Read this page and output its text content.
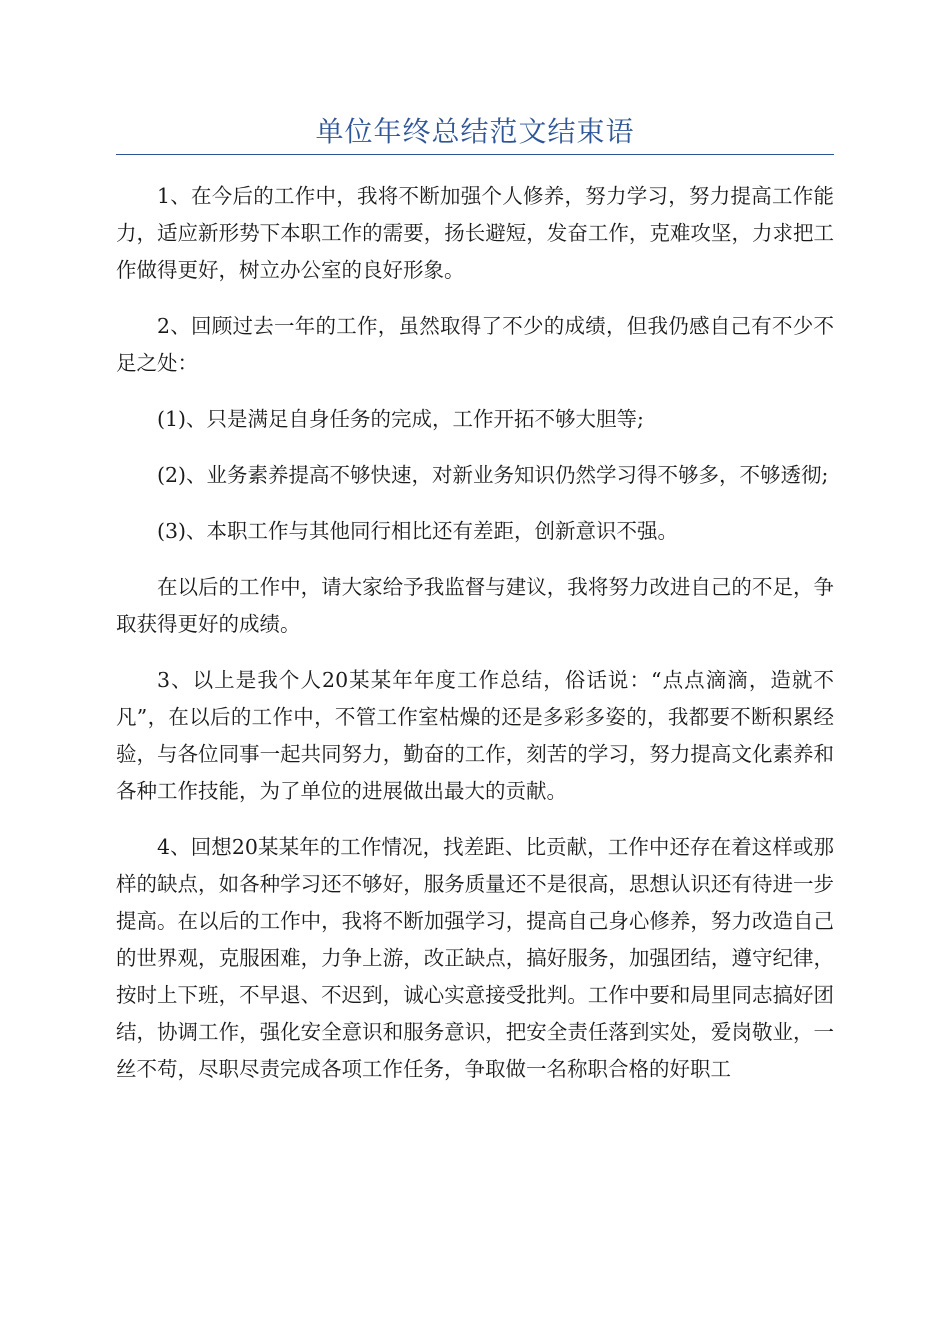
单位年终总结范文结束语

1、在今后的工作中，我将不断加强个人修养，努力学习，努力提高工作能力，适应新形势下本职工作的需要，扬长避短，发奋工作，克难攻坚，力求把工作做得更好，树立办公室的良好形象。

2、回顾过去一年的工作，虽然取得了不少的成绩，但我仍感自己有不少不足之处：

(1)、只是满足自身任务的完成，工作开拓不够大胆等;

(2)、业务素养提高不够快速，对新业务知识仍然学习得不够多，不够透彻;

(3)、本职工作与其他同行相比还有差距，创新意识不强。

在以后的工作中，请大家给予我监督与建议，我将努力改进自己的不足，争取获得更好的成绩。

3、以上是我个人20某某年年度工作总结，俗话说：“点点滴滴，造就不凡”，在以后的工作中，不管工作室枯燥的还是多彩多姿的，我都要不断积累经验，与各位同事一起共同努力，勤奋的工作，刻苦的学习，努力提高文化素养和各种工作技能，为了单位的进展做出最大的贡献。

4、回想20某某年的工作情况，找差距、比贡献，工作中还存在着这样或那样的缺点，如各种学习还不够好，服务质量还不是很高，思想认识还有待进一步提高。在以后的工作中，我将不断加强学习，提高自己身心修养，努力改造自己的世界观，克服困难，力争上游，改正缺点，搞好服务，加强团结，遵守纪律，按时上下班，不早退、不迟到，诚心实意接受批判。工作中要和局里同志搞好团结，协调工作，强化安全意识和服务意识，把安全责任落到实处，爱岗敬业，一丝不苟，尽职尽责完成各项工作任务，争取做一名称职合格的好职工
